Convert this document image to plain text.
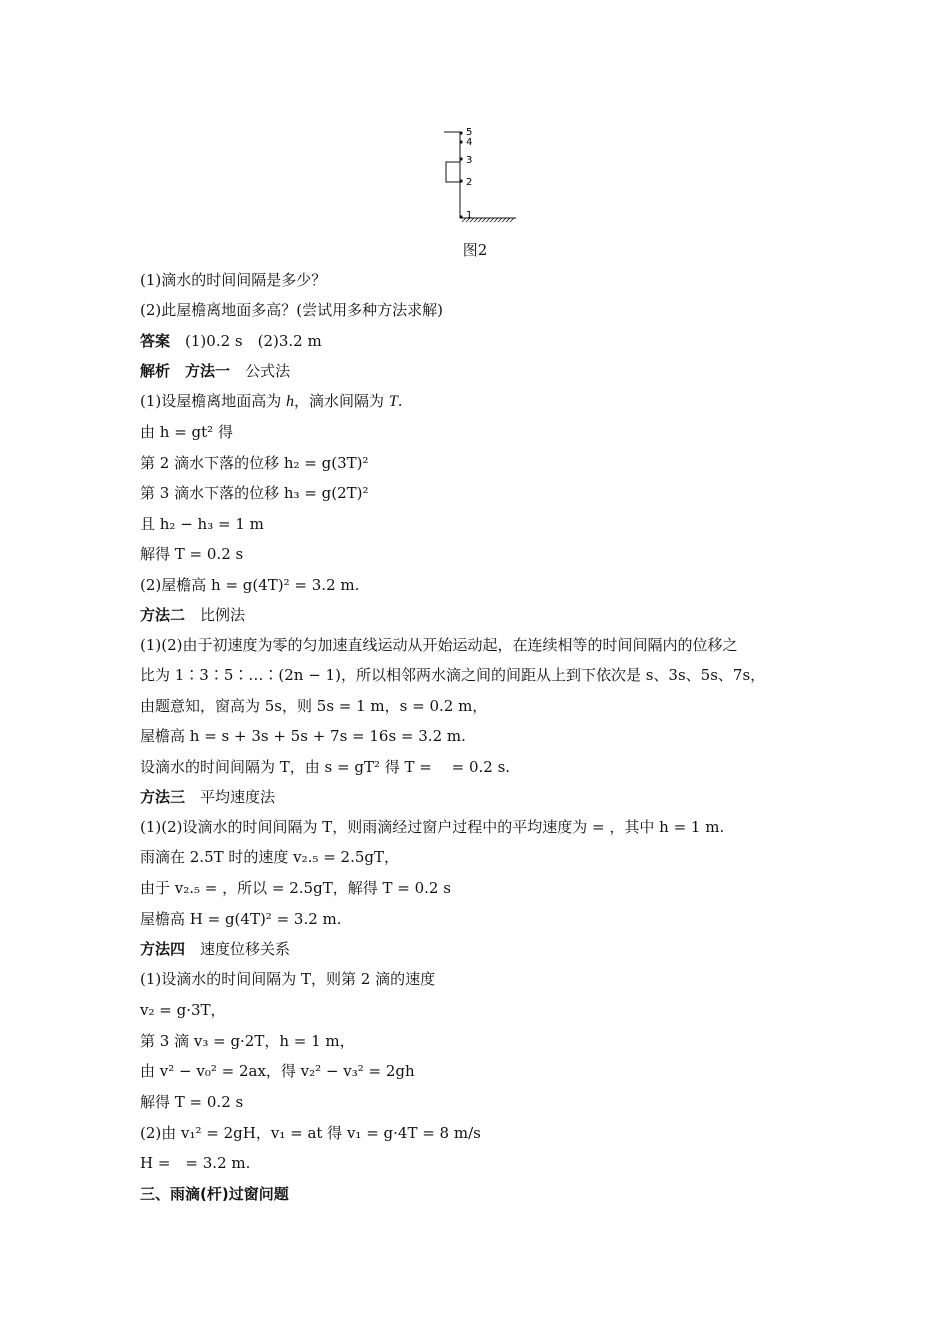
5
4
3
2
1
图2
(1)滴水的时间间隔是多少？
(2)此屋檐离地面多高？(尝试用多种方法求解)
答案　 (1)0.2 s　(2)3.2 m
解析　 方法一　 公式法
(1)设屋檐离地面高为 h，滴水间隔为 T.
由 h = gt² 得
第 2 滴水下落的位移 h₂ = g(3T)²
第 3 滴水下落的位移 h₃ = g(2T)²
且 h₂ − h₃ = 1 m
解得 T = 0.2 s
(2)屋檐高 h = g(4T)² = 3.2 m.
方法二　 比例法
(1)(2)由于初速度为零的匀加速直线运动从开始运动起，在连续相等的时间间隔内的位移之
比为 1∶3∶5∶…∶(2n − 1)，所以相邻两水滴之间的间距从上到下依次是 s、3s、5s、7s，
由题意知，窗高为 5s，则 5s = 1 m，s = 0.2 m，
屋檐高 h = s + 3s + 5s + 7s = 16s = 3.2 m.
设滴水的时间间隔为 T，由 s = gT² 得 T =　 = 0.2 s.
方法三　 平均速度法
(1)(2)设滴水的时间间隔为 T，则雨滴经过窗户过程中的平均速度为 = ，其中 h = 1 m.
雨滴在 2.5T 时的速度 v₂.₅ = 2.5gT，
由于 v₂.₅ = ，所以 = 2.5gT，解得 T = 0.2 s
屋檐高 H = g(4T)² = 3.2 m.
方法四　 速度位移关系
(1)设滴水的时间间隔为 T，则第 2 滴的速度
v₂ = g·3T，
第 3 滴 v₃ = g·2T，h = 1 m，
由 v² − v₀² = 2ax，得 v₂² − v₃² = 2gh
解得 T = 0.2 s
(2)由 v₁² = 2gH，v₁ = at 得 v₁ = g·4T = 8 m/s
H =　= 3.2 m.
三、雨滴(杆)过窗问题
